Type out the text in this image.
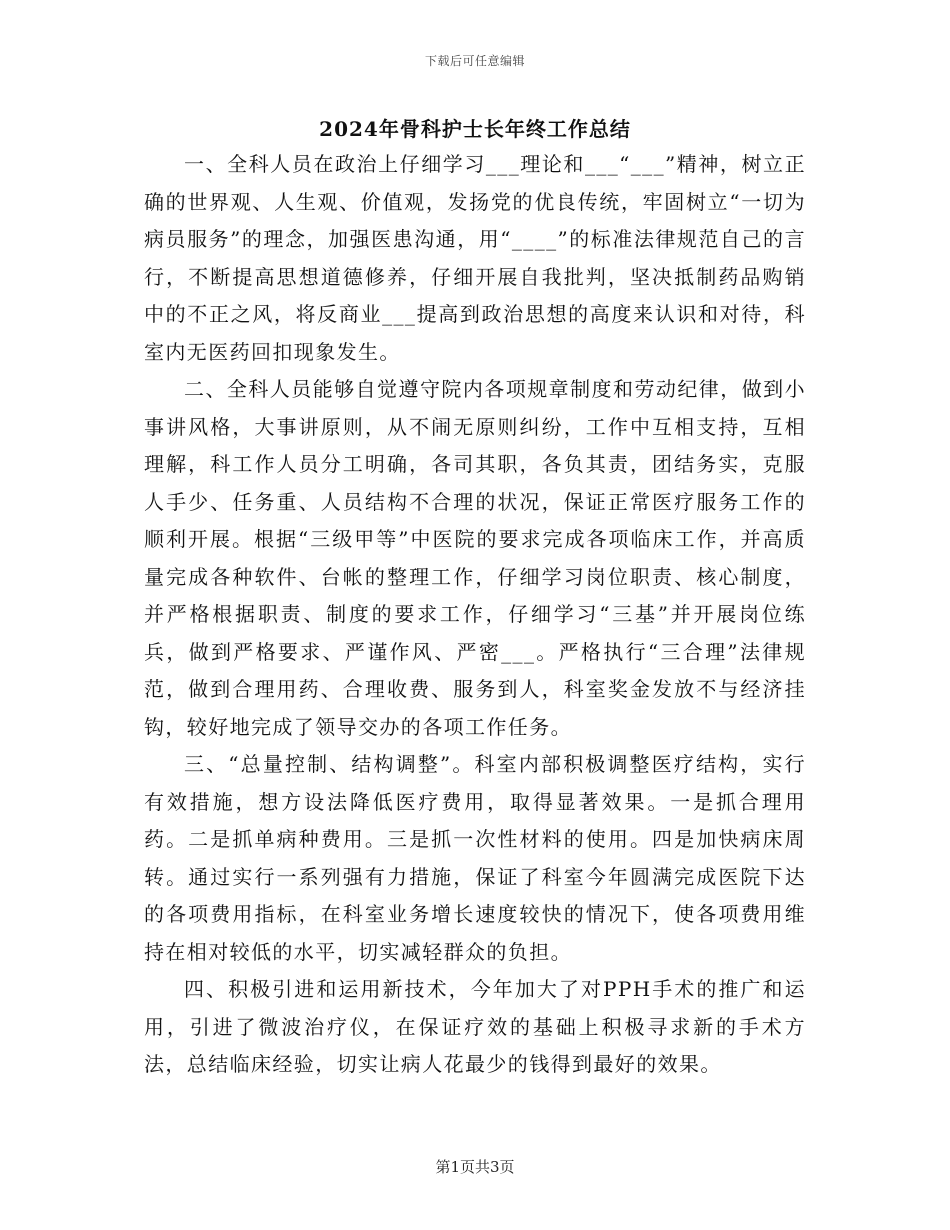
下载后可任意编辑
2024年骨科护士长年终工作总结

一、全科人员在政治上仔细学习___理论和___“___”精神，树立正确的世界观、人生观、价值观，发扬党的优良传统，牢固树立“一切为病员服务”的理念，加强医患沟通，用“____”的标准法律规范自己的言行，不断提高思想道德修养，仔细开展自我批判，坚决抵制药品购销中的不正之风，将反商业___提高到政治思想的高度来认识和对待，科室内无医药回扣现象发生。

二、全科人员能够自觉遵守院内各项规章制度和劳动纪律，做到小事讲风格，大事讲原则，从不闹无原则纠纷，工作中互相支持，互相理解，科工作人员分工明确，各司其职，各负其责，团结务实，克服人手少、任务重、人员结构不合理的状况，保证正常医疗服务工作的顺利开展。根据“三级甲等”中医院的要求完成各项临床工作，并高质量完成各种软件、台帐的整理工作，仔细学习岗位职责、核心制度，并严格根据职责、制度的要求工作，仔细学习“三基”并开展岗位练兵，做到严格要求、严谨作风、严密___。严格执行“三合理”法律规范，做到合理用药、合理收费、服务到人，科室奖金发放不与经济挂钩，较好地完成了领导交办的各项工作任务。

三、“总量控制、结构调整”。科室内部积极调整医疗结构，实行有效措施，想方设法降低医疗费用，取得显著效果。一是抓合理用药。二是抓单病种费用。三是抓一次性材料的使用。四是加快病床周转。通过实行一系列强有力措施，保证了科室今年圆满完成医院下达的各项费用指标，在科室业务增长速度较快的情况下，使各项费用维持在相对较低的水平，切实减轻群众的负担。

四、积极引进和运用新技术，今年加大了对PPH手术的推广和运用，引进了微波治疗仪，在保证疗效的基础上积极寻求新的手术方法，总结临床经验，切实让病人花最少的钱得到最好的效果。

第1页共3页
